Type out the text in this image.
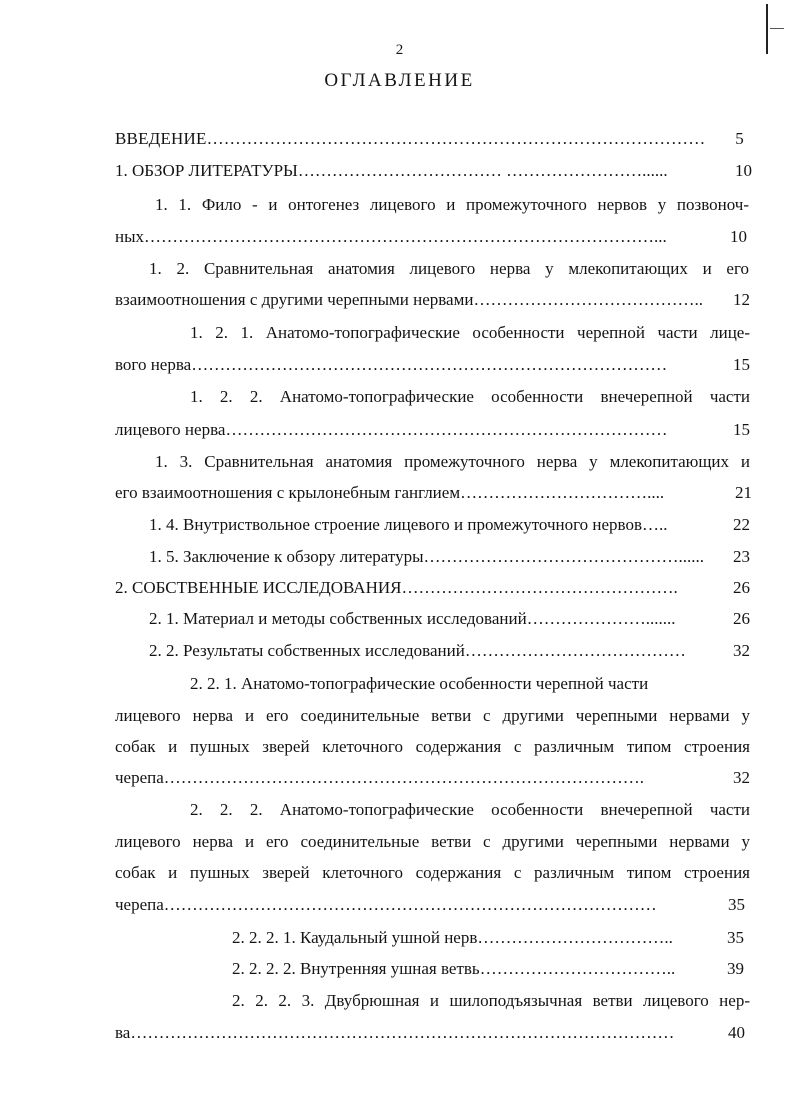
2
ОГЛАВЛЕНИЕ
ВВЕДЕНИЕ ……………………………………………………………………………	5
1. ОБЗОР ЛИТЕРАТУРЫ ……………………………… ……………………......	10
1. 1. Фило - и онтогенез лицевого и промежуточного нервов у позвоноч-
ных ………………………………………………………………………………...	10
1. 2. Сравнительная анатомия лицевого нерва у млекопитающих и его
взаимоотношения с другими черепными нервами …………………………………..	12
1. 2. 1. Анатомо-топографические особенности черепной части лице-
вого нерва …………………………………………………………………………	15
1. 2. 2. Анатомо-топографические особенности внечерепной части
лицевого нерва ……………………………………………………………………	15
1. 3. Сравнительная анатомия промежуточного нерва у млекопитающих и
его взаимоотношения с крылонебным ганглием ……………………………....	21
1. 4. Внутриствольное строение лицевого и промежуточного нервов …..	22
1. 5. Заключение к обзору литературы ………………………………………......	23
2. СОБСТВЕННЫЕ ИССЛЕДОВАНИЯ ………………………………………….	26
2. 1. Материал и методы собственных исследований ………………….......	26
2. 2. Результаты собственных исследований …………………………………	32
2. 2. 1. Анатомо-топографические особенности черепной части
лицевого нерва и его соединительные ветви с другими черепными нервами у
собак и пушных зверей клеточного содержания с различным типом строения
черепа ………………………………………………………………………….	32
2. 2. 2. Анатомо-топографические особенности внечерепной части
лицевого нерва и его соединительные ветви с другими черепными нервами у
собак и пушных зверей клеточного содержания с различным типом строения
черепа ……………………………………………………………………………	35
2. 2. 2. 1. Каудальный ушной нерв ……………………………..	35
2. 2. 2. 2. Внутренняя ушная ветвь ……………………………..	39
2. 2. 2. 3. Двубрюшная и шилоподъязычная ветви лицевого нер-
ва ……………………………………………………………………………………	40
